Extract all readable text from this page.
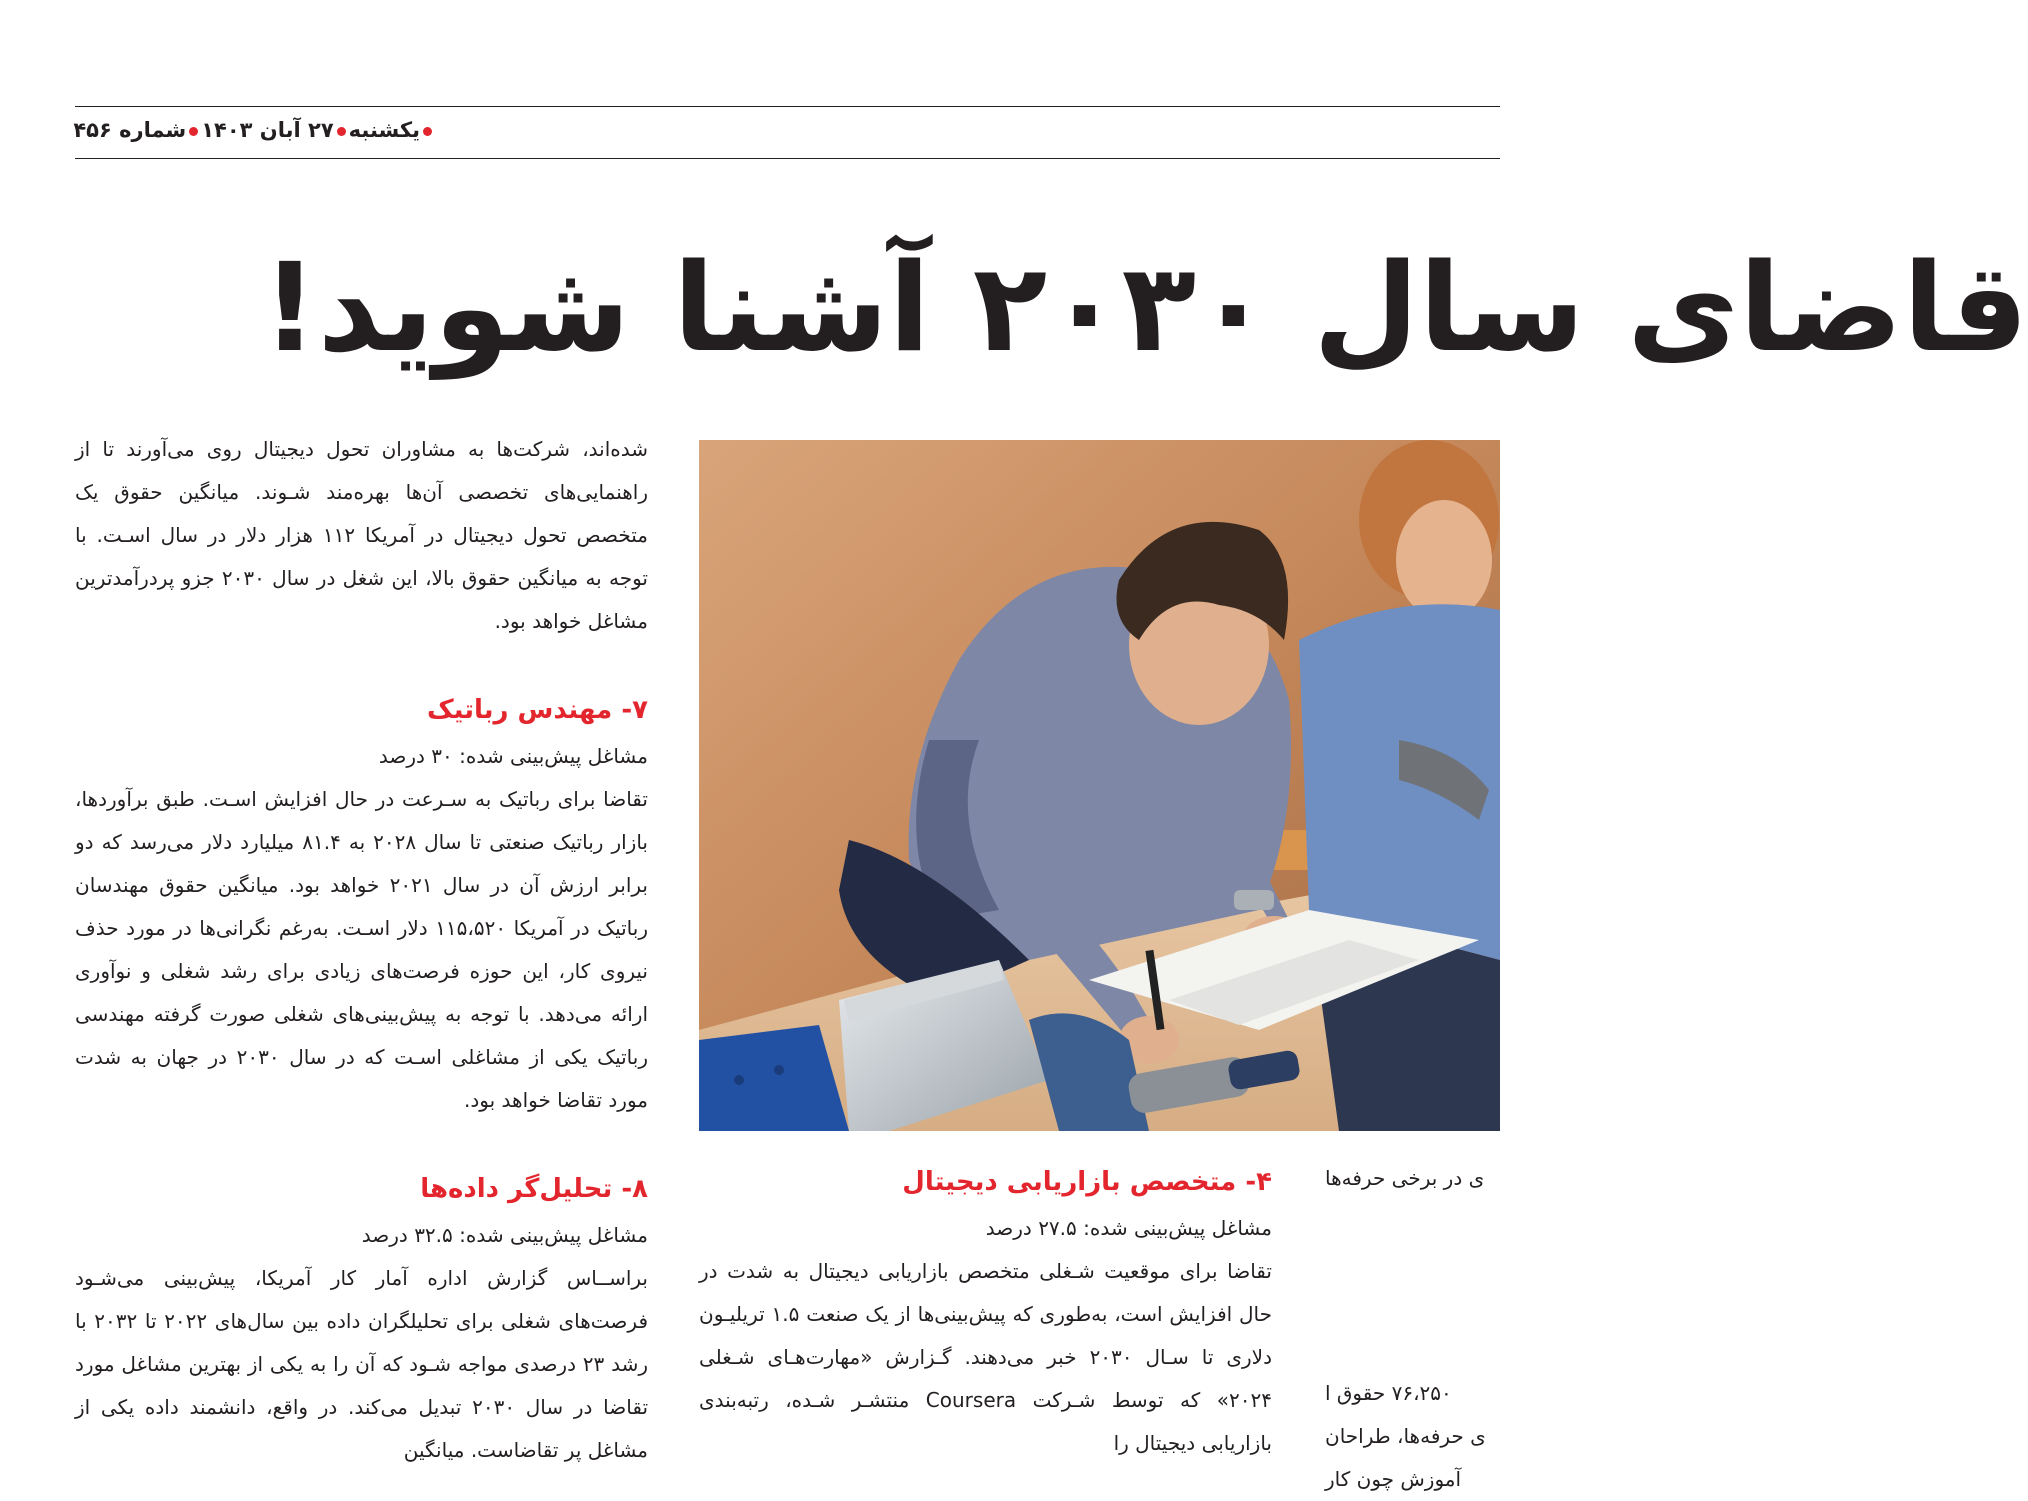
یکشنبه۲۷ آبان ۱۴۰۳شماره ۴۵۶
قاضای سال ۲۰۳۰ آشنا شوید!

شده‌اند، شرکت‌ها به مشاوران تحول دیجیتال روی می‌آورند تا از راهنمایی‌های تخصصی آن‌ها بهره‌مند شـوند. میانگین حقوق یک متخصص تحول دیجیتال در آمریکا ۱۱۲ هزار دلار در سال اسـت. با توجه به میانگین حقوق بالا، این شغل در سال ۲۰۳۰ جزو پردرآمدترین مشاغل خواهد بود.

۷- مهندس رباتیک

مشاغل پیش‌بینی شده: ۳۰ درصد

تقاضا برای رباتیک به سـرعت در حال افزایش اسـت. طبق برآوردها، بازار رباتیک صنعتی تا سال ۲۰۲۸ به ۸۱.۴ میلیارد دلار می‌رسد که دو برابر ارزش آن در سال ۲۰۲۱ خواهد بود. میانگین حقوق مهندسان رباتیک در آمریکا ۱۱۵،۵۲۰ دلار اسـت. به‌رغم نگرانی‌ها در مورد حذف نیروی کار، این حوزه فرصت‌های زیادی برای رشد شغلی و نوآوری ارائه می‌دهد. با توجه به پیش‌بینی‌های شغلی صورت گرفته مهندسی رباتیک یکی از مشاغلی اسـت که در سال ۲۰۳۰ در جهان به شدت مورد تقاضا خواهد بود.

۸- تحلیل‌گر داده‌ها

مشاغل پیش‌بینی شده: ۳۲.۵ درصد

براســاس گزارش اداره آمار کار آمریکا، پیش‌بینی می‌شـود فرصت‌های شغلی برای تحلیلگران داده بین سال‌های ۲۰۲۲ تا ۲۰۳۲ با رشد ۲۳ درصدی مواجه شـود که آن را به یکی از بهترین مشاغل مورد تقاضا در سال ۲۰۳۰ تبدیل می‌کند. در واقع، دانشمند داده یکی از مشاغل پر تقاضاست. میانگین

۴- متخصص بازاریابی دیجیتال

مشاغل پیش‌بینی شده: ۲۷.۵ درصد

تقاضا برای موقعیت شـغلی متخصص بازاریابی دیجیتال به شدت در حال افزایش است، به‌طوری که پیش‌بینی‌ها از یک صنعت ۱.۵ تریلیـون دلاری تا سـال ۲۰۳۰ خبر می‌دهند. گـزارش «مهارت‌هـای شـغلی ۲۰۲۴» که توسط شـرکت Coursera منتشـر شـده، رتبه‌بندی بازاریابی دیجیتال را

ی در برخی حرفه‌ها
۷۶،۲۵۰ حقوق ا
ی حرفه‌ها، طراحان
آموزش چون کار
